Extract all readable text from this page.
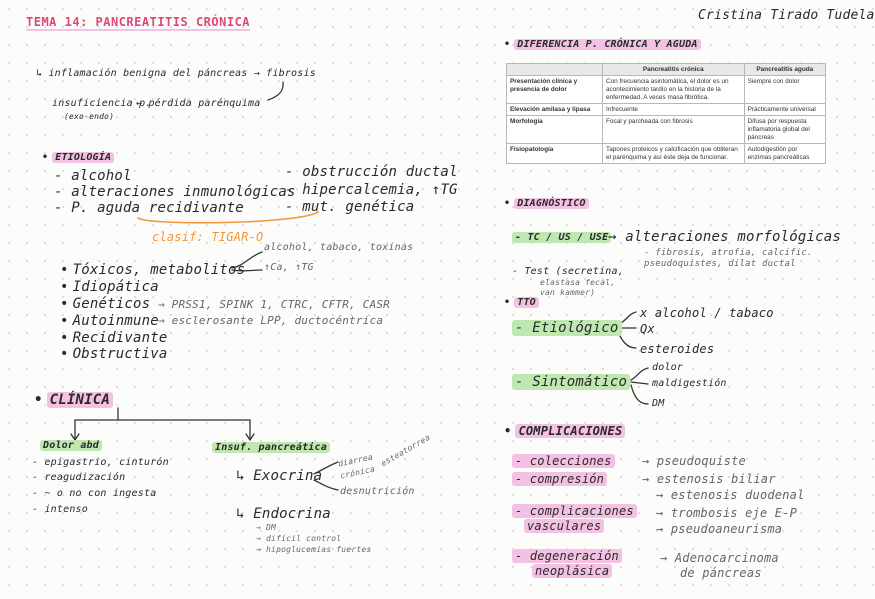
TEMA 14: PANCREATITIS CRÓNICA	Cristina Tirado Tudela
↳ inflamación benigna del páncreas → fibrosis
insuficiencia p.
(exo-endo)
← pérdida parénquima
• ETIOLOGÍA
- alcohol
- alteraciones inmunológicas
- P. aguda recidivante
- obstrucción ductal
- hipercalcemia, ↑TG
- mut. genética
clasif: TIGAR-O
alcohol, tabaco, toxinas
↑Ca, ↑TG
• Tóxicos, metabolitos
• Idiopática
• Genéticos
• Autoinmune
• Recidivante
• Obstructiva
→ PRSS1, SPINK 1, CTRC, CFTR, CASR
→ esclerosante LPP, ductocéntrica
• CLÍNICA
Dolor abd
- epigastrio, cinturón
- reagudización
- ~ o no con ingesta
- intenso
Insuf. pancreática
↳ Exocrina
diarrea
crónica
esteatorrea
desnutrición
↳ Endocrina
→ DM
→ difícil control
→ hipoglucemias fuertes
• DIFERENCIA P. CRÓNICA Y AGUDA
	Pancreatitis crónica	Pancreatitis aguda
Presentación clínica y presencia de dolor	Con frecuencia asintomática, el dolor es un acontecimiento tardío en la historia de la enfermedad. A veces masa fibrótica.	Siempre con dolor
Elevación amilasa y lipasa	Infrecuente	Prácticamente universal
Morfología	Focal y parcheada con fibrosis	Difusa por respuesta inflamatoria global del páncreas
Fisiopatología	Tapones proteicos y calcificación que obliteran el parénquima y así éste deja de funcionar.	Autodigestión por enzimas pancreáticas
• DIAGNÓSTICO
- TC / US / USE → alteraciones morfológicas
- fibrosis, atrofia, calcific.
pseudoquistes, dilat ductal
- Test (secretina,
elastasa fecal,
van kammer)
• TTO
- Etiológico
x alcohol / tabaco
Qx
esteroides
- Sintomático
dolor
maldigestión
DM
• COMPLICACIONES
- colecciones	→ pseudoquiste
- compresión	→ estenosis biliar
→ estenosis duodenal
- complicaciones
vasculares
→ trombosis eje E-P
→ pseudoaneurisma
- degeneración
neoplásica
→ Adenocarcinoma
de páncreas
